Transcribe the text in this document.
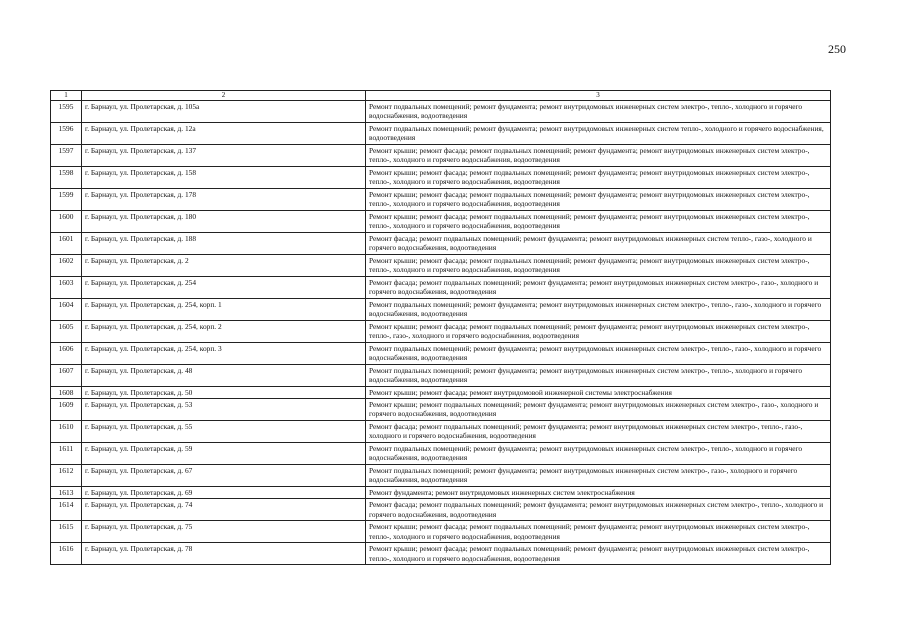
250
1	2	3
1595	г. Барнаул, ул. Пролетарская, д. 105а	Ремонт подвальных помещений; ремонт фундамента; ремонт внутридомовых инженерных систем электро-, тепло-, холодного и горячего водоснабжения, водоотведения
1596	г. Барнаул, ул. Пролетарская, д. 12а	Ремонт подвальных помещений; ремонт фундамента; ремонт внутридомовых инженерных систем тепло-, холодного и горячего водоснабжения, водоотведения
1597	г. Барнаул, ул. Пролетарская, д. 137	Ремонт крыши; ремонт фасада; ремонт подвальных помещений; ремонт фундамента; ремонт внутридомовых инженерных систем электро-, тепло-, холодного и горячего водоснабжения, водоотведения
1598	г. Барнаул, ул. Пролетарская, д. 158	Ремонт крыши; ремонт фасада; ремонт подвальных помещений; ремонт фундамента; ремонт внутридомовых инженерных систем электро-, тепло-, холодного и горячего водоснабжения, водоотведения
1599	г. Барнаул, ул. Пролетарская, д. 178	Ремонт крыши; ремонт фасада; ремонт подвальных помещений; ремонт фундамента; ремонт внутридомовых инженерных систем электро-, тепло-, холодного и горячего водоснабжения, водоотведения
1600	г. Барнаул, ул. Пролетарская, д. 180	Ремонт крыши; ремонт фасада; ремонт подвальных помещений; ремонт фундамента; ремонт внутридомовых инженерных систем электро-, тепло-, холодного и горячего водоснабжения, водоотведения
1601	г. Барнаул, ул. Пролетарская, д. 188	Ремонт фасада; ремонт подвальных помещений; ремонт фундамента; ремонт внутридомовых инженерных систем тепло-, газо-, холодного и горячего водоснабжения, водоотведения
1602	г. Барнаул, ул. Пролетарская, д. 2	Ремонт крыши; ремонт фасада; ремонт подвальных помещений; ремонт фундамента; ремонт внутридомовых инженерных систем электро-, тепло-, холодного и горячего водоснабжения, водоотведения
1603	г. Барнаул, ул. Пролетарская, д. 254	Ремонт фасада; ремонт подвальных помещений; ремонт фундамента; ремонт внутридомовых инженерных систем электро-, газо-, холодного и горячего водоснабжения, водоотведения
1604	г. Барнаул, ул. Пролетарская, д. 254, корп. 1	Ремонт подвальных помещений; ремонт фундамента; ремонт внутридомовых инженерных систем электро-, тепло-, газо-, холодного и горячего водоснабжения, водоотведения
1605	г. Барнаул, ул. Пролетарская, д. 254, корп. 2	Ремонт крыши; ремонт фасада; ремонт подвальных помещений; ремонт фундамента; ремонт внутридомовых инженерных систем электро-, тепло-, газо-, холодного и горячего водоснабжения, водоотведения
1606	г. Барнаул, ул. Пролетарская, д. 254, корп. 3	Ремонт подвальных помещений; ремонт фундамента; ремонт внутридомовых инженерных систем электро-, тепло-, газо-, холодного и горячего водоснабжения, водоотведения
1607	г. Барнаул, ул. Пролетарская, д. 48	Ремонт подвальных помещений; ремонт фундамента; ремонт внутридомовых инженерных систем электро-, тепло-, холодного и горячего водоснабжения, водоотведения
1608	г. Барнаул, ул. Пролетарская, д. 50	Ремонт крыши; ремонт фасада; ремонт внутридомовой инженерной системы электроснабжения
1609	г. Барнаул, ул. Пролетарская, д. 53	Ремонт крыши; ремонт подвальных помещений; ремонт фундамента; ремонт внутридомовых инженерных систем электро-, газо-, холодного и горячего водоснабжения, водоотведения
1610	г. Барнаул, ул. Пролетарская, д. 55	Ремонт фасада; ремонт подвальных помещений; ремонт фундамента; ремонт внутридомовых инженерных систем электро-, тепло-, газо-, холодного и горячего водоснабжения, водоотведения
1611	г. Барнаул, ул. Пролетарская, д. 59	Ремонт подвальных помещений; ремонт фундамента; ремонт внутридомовых инженерных систем электро-, тепло-, холодного и горячего водоснабжения, водоотведения
1612	г. Барнаул, ул. Пролетарская, д. 67	Ремонт подвальных помещений; ремонт фундамента; ремонт внутридомовых инженерных систем электро-, газо-, холодного и горячего водоснабжения, водоотведения
1613	г. Барнаул, ул. Пролетарская, д. 69	Ремонт фундамента; ремонт внутридомовых инженерных систем электроснабжения
1614	г. Барнаул, ул. Пролетарская, д. 74	Ремонт фасада; ремонт подвальных помещений; ремонт фундамента; ремонт внутридомовых инженерных систем электро-, тепло-, холодного и горячего водоснабжения, водоотведения
1615	г. Барнаул, ул. Пролетарская, д. 75	Ремонт крыши; ремонт фасада; ремонт подвальных помещений; ремонт фундамента; ремонт внутридомовых инженерных систем электро-, тепло-, холодного и горячего водоснабжения, водоотведения
1616	г. Барнаул, ул. Пролетарская, д. 78	Ремонт крыши; ремонт фасада; ремонт подвальных помещений; ремонт фундамента; ремонт внутридомовых инженерных систем электро-, тепло-, холодного и горячего водоснабжения, водоотведения
